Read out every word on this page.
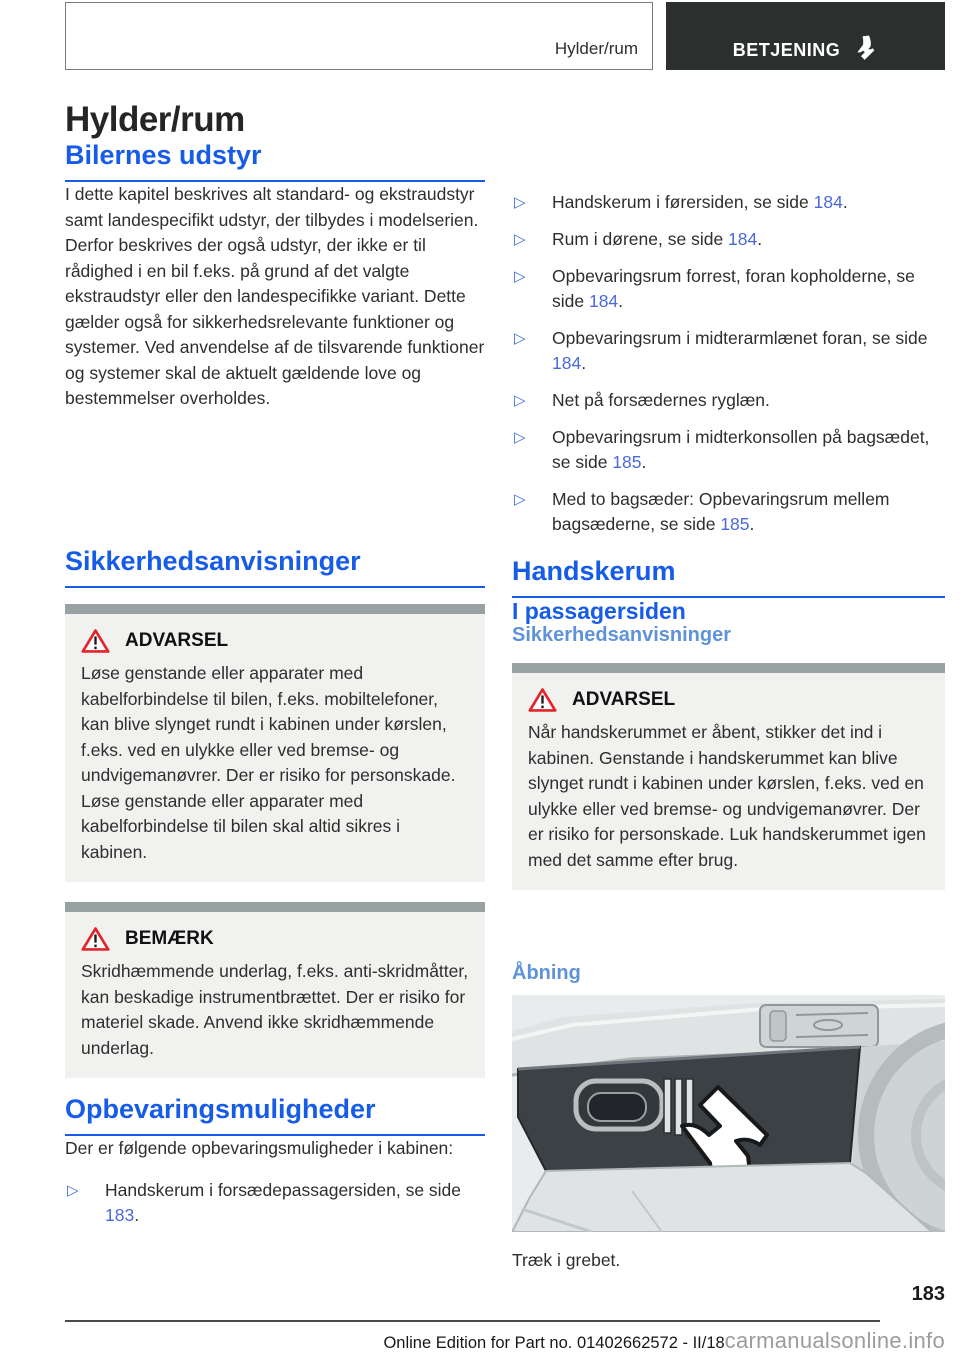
Hylder/rum	BETJENING
Hylder/rum
Bilernes udstyr

I dette kapitel beskrives alt standard- og ekstraudstyr samt landespecifikt udstyr, der tilbydes i modelserien. Derfor beskrives der også udstyr, der ikke er til rådighed i en bil f.eks. på grund af det valgte ekstraudstyr eller den landespecifikke variant. Dette gælder også for sikkerhedsrelevante funktioner og systemer. Ved anvendelse af de tilsvarende funktioner og systemer skal de aktuelt gældende love og bestemmelser overholdes.

Sikkerhedsanvisninger
ADVARSEL

Løse genstande eller apparater med kabelforbindelse til bilen, f.eks. mobiltelefoner, kan blive slynget rundt i kabinen under kørslen, f.eks. ved en ulykke eller ved bremse- og undvigemanøvrer. Der er risiko for personskade. Løse genstande eller apparater med kabelforbindelse til bilen skal altid sikres i kabinen.

BEMÆRK

Skridhæmmende underlag, f.eks. anti-skridmåtter, kan beskadige instrumentbrættet. Der er risiko for materiel skade. Anvend ikke skridhæmmende underlag.

Opbevaringsmuligheder

Der er følgende opbevaringsmuligheder i kabinen:

▷	Handskerum i forsædepassagersiden, se side 183.
▷	Handskerum i førersiden, se side 184.
▷	Rum i dørene, se side 184.
▷	Opbevaringsrum forrest, foran kopholderne, se side 184.
▷	Opbevaringsrum i midterarmlænet foran, se side 184.
▷	Net på forsædernes ryglæn.
▷	Opbevaringsrum i midterkonsollen på bagsædet, se side 185.
▷	Med to bagsæder: Opbevaringsrum mellem bagsæderne, se side 185.
Handskerum
I passagersiden
Sikkerhedsanvisninger
ADVARSEL

Når handskerummet er åbent, stikker det ind i kabinen. Genstande i handskerummet kan blive slynget rundt i kabinen under kørslen, f.eks. ved en ulykke eller ved bremse- og undvigemanøvrer. Der er risiko for personskade. Luk handskerummet igen med det samme efter brug.

Åbning

Træk i grebet.

183
Online Edition for Part no. 01402662572 - II/18 carmanualsonline.info
